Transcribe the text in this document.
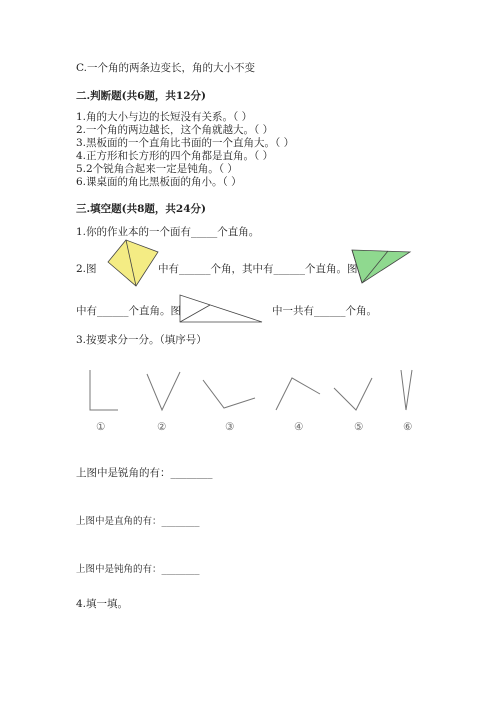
C.一个角的两条边变长，角的大小不变
二.判断题(共6题，共12分)
1.角的大小与边的长短没有关系。（ ）
2.一个角的两边越长，这个角就越大。（ ）
3.黑板面的一个直角比书面的一个直角大。（ ）
4.正方形和长方形的四个角都是直角。（ ）
5.2个锐角合起来一定是钝角。（ ）
6.课桌面的角比黑板面的角小。（ ）
三.填空题(共8题，共24分)
1.你的作业本的一个面有_____个直角。
2.图	中有______个角，其中有______个直角。图
中有______个直角。图	中一共有______个角。
3.按要求分一分。（填序号）
①	②	③	④	⑤	⑥
上图中是锐角的有：________
上图中是直角的有：________
上图中是钝角的有：________
4.填一填。
